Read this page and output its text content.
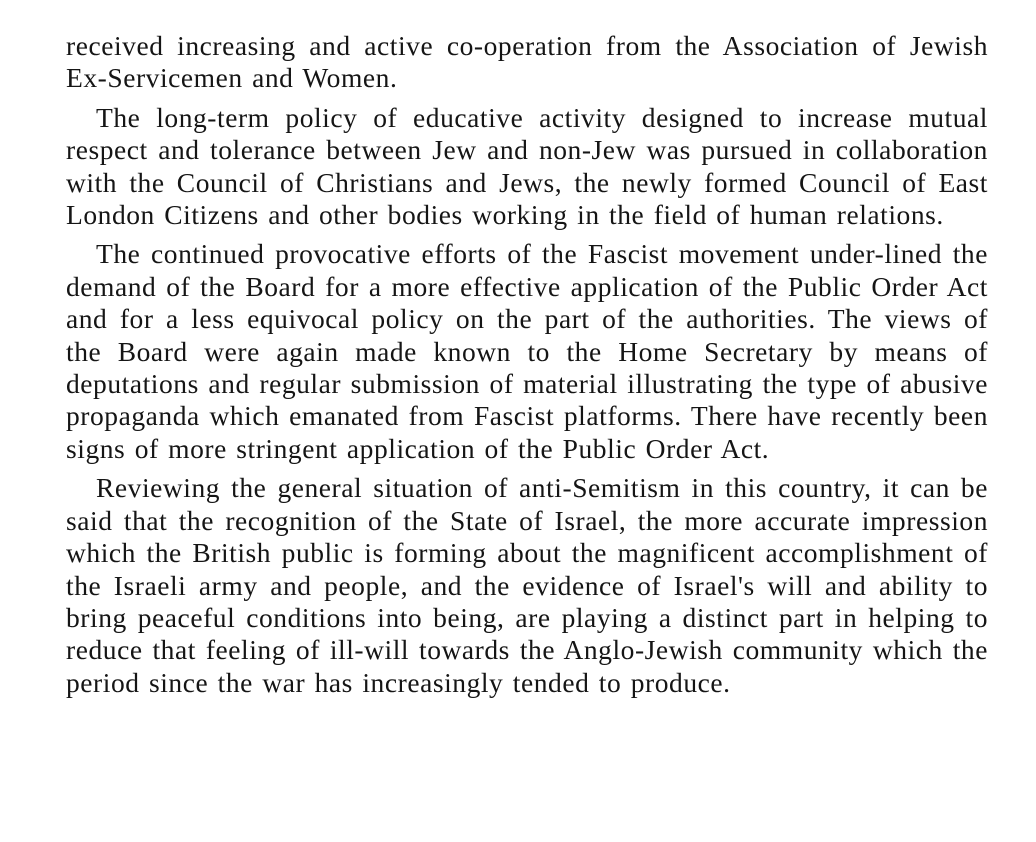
received increasing and active co-operation from the Association of Jewish Ex-Servicemen and Women.

The long-term policy of educative activity designed to increase mutual respect and tolerance between Jew and non-Jew was pursued in collaboration with the Council of Christians and Jews, the newly formed Council of East London Citizens and other bodies working in the field of human relations.

The continued provocative efforts of the Fascist movement under-lined the demand of the Board for a more effective application of the Public Order Act and for a less equivocal policy on the part of the authorities. The views of the Board were again made known to the Home Secretary by means of deputations and regular submission of material illustrating the type of abusive propaganda which emanated from Fascist platforms. There have recently been signs of more stringent application of the Public Order Act.

Reviewing the general situation of anti-Semitism in this country, it can be said that the recognition of the State of Israel, the more accurate impression which the British public is forming about the magnificent accomplishment of the Israeli army and people, and the evidence of Israel's will and ability to bring peaceful conditions into being, are playing a distinct part in helping to reduce that feeling of ill-will towards the Anglo-Jewish community which the period since the war has increasingly tended to produce.
